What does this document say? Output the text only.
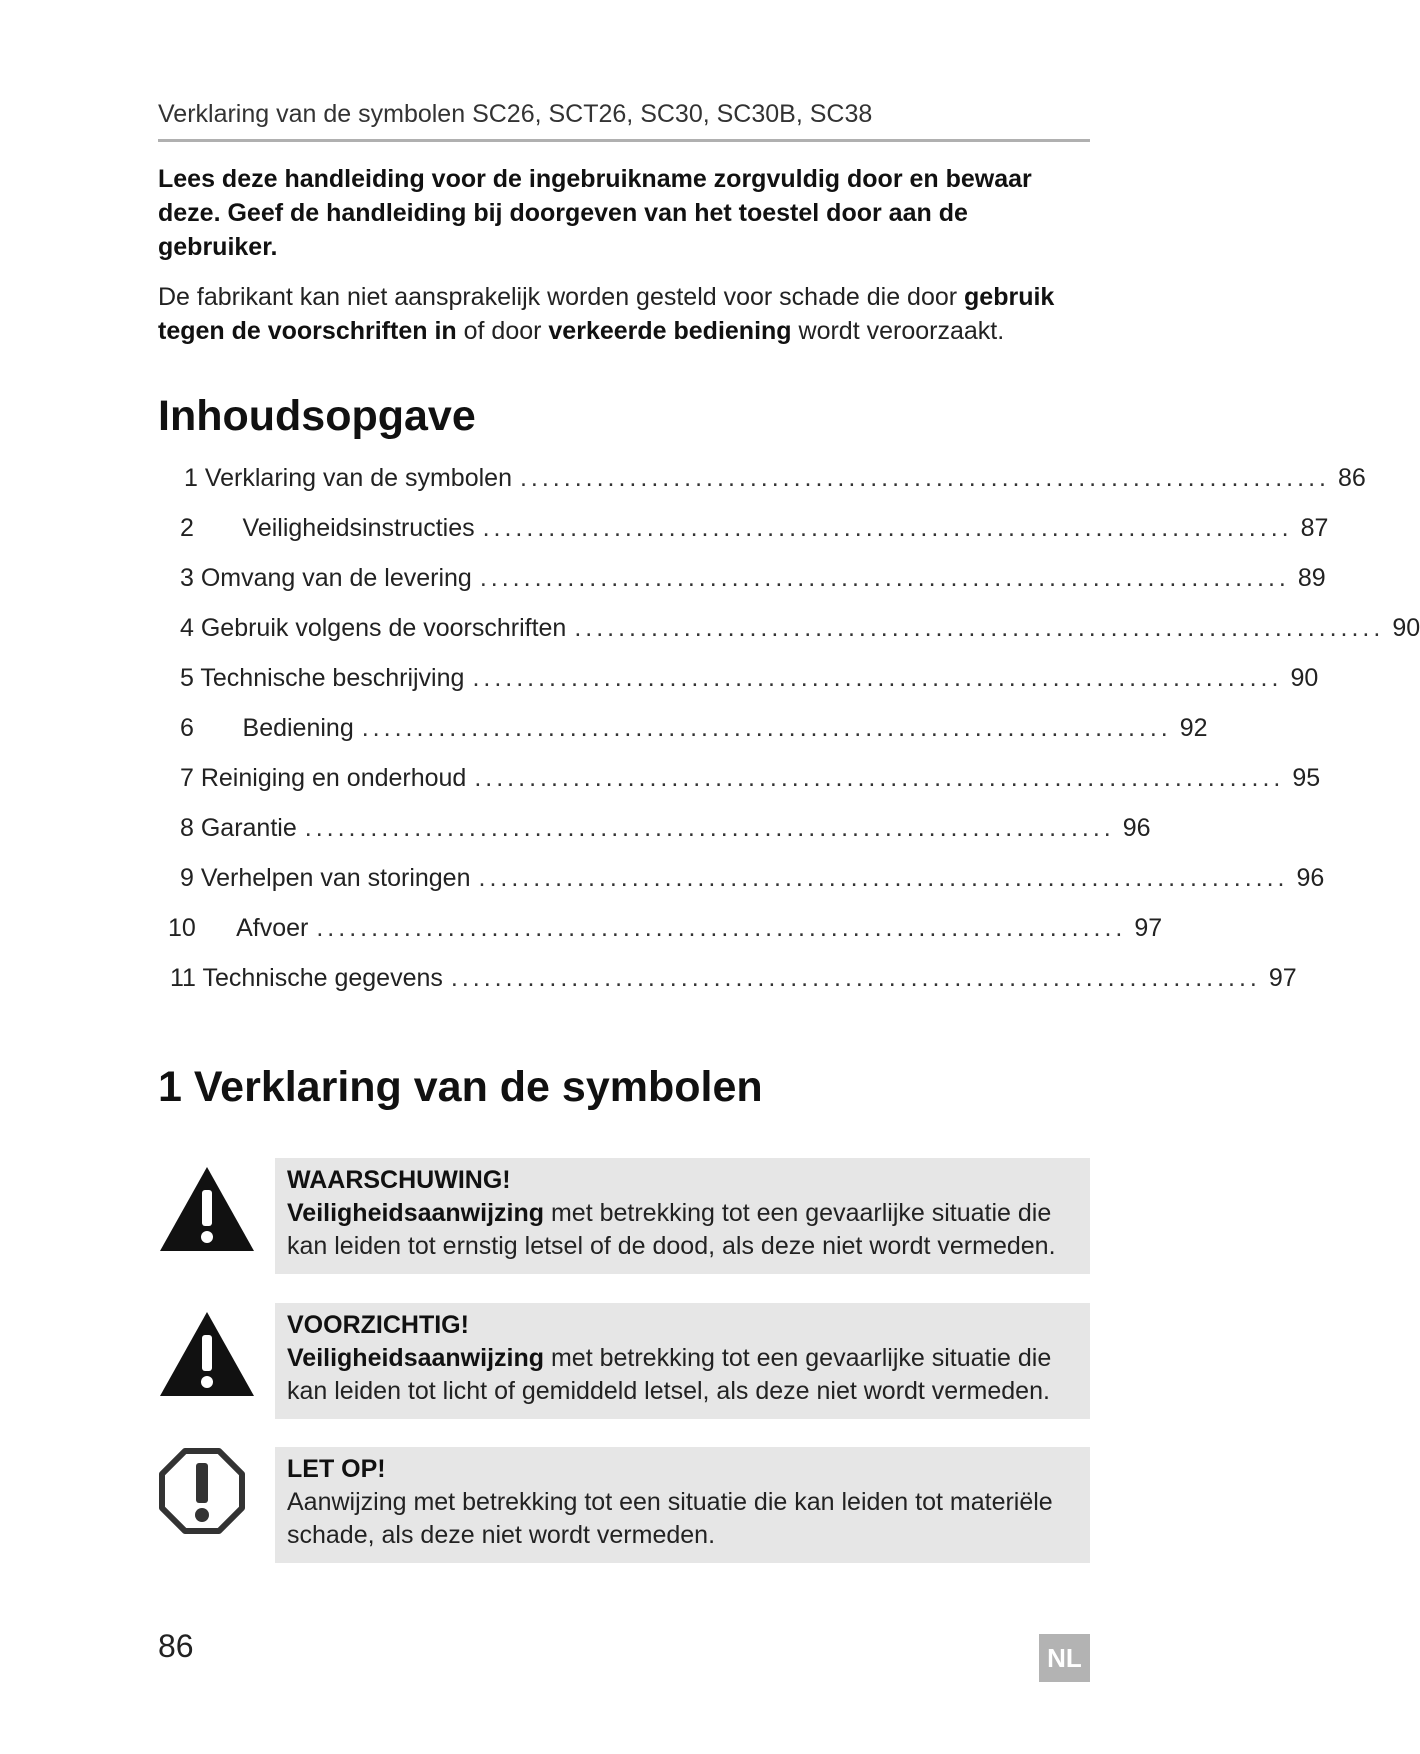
Verklaring van de symbolen SC26, SCT26, SC30, SC30B, SC38
Lees deze handleiding voor de ingebruikname zorgvuldig door en bewaar
deze. Geef de handleiding bij doorgeven van het toestel door aan de
gebruiker.
De fabrikant kan niet aansprakelijk worden gesteld voor schade die door gebruik tegen de voorschriften in of door verkeerde bediening wordt veroorzaakt.
Inhoudsopgave
1 Verklaring van de symbolen .......................................................................... 86
2       Veiligheidsinstructies .......................................................................... 87
3 Omvang van de levering .......................................................................... 89
4 Gebruik volgens de voorschriften .......................................................................... 90
5 Technische beschrijving .......................................................................... 90
6       Bediening .......................................................................... 92
7 Reiniging en onderhoud .......................................................................... 95
8 Garantie .......................................................................... 96
9 Verhelpen van storingen .......................................................................... 96
10      Afvoer .......................................................................... 97
11 Technische gegevens .......................................................................... 97
1 Verklaring van de symbolen
WAARSCHUWING!
Veiligheidsaanwijzing met betrekking tot een gevaarlijke situatie die kan leiden tot ernstig letsel of de dood, als deze niet wordt vermeden.
VOORZICHTIG!
Veiligheidsaanwijzing met betrekking tot een gevaarlijke situatie die kan leiden tot licht of gemiddeld letsel, als deze niet wordt vermeden.
LET OP!
Aanwijzing met betrekking tot een situatie die kan leiden tot materiële schade, als deze niet wordt vermeden.
86	NL
